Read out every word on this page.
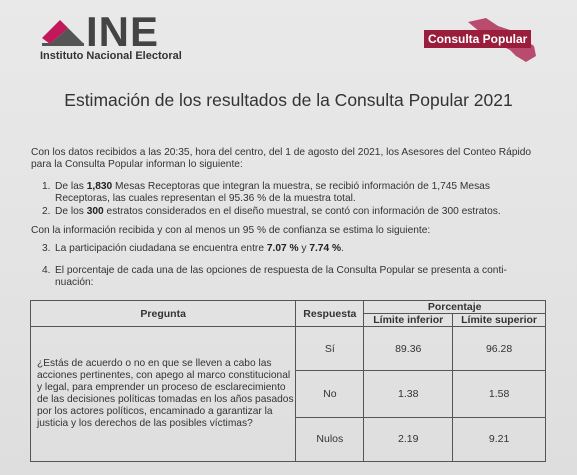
INE
Instituto Nacional Electoral
Consulta Popular
Estimación de los resultados de la Consulta Popular 2021
Con los datos recibidos a las 20:35, hora del centro, del 1 de agosto del 2021, los Asesores del Conteo Rápido para la Consulta Popular informan lo siguiente:
1. De las 1,830 Mesas Receptoras que integran la muestra, se recibió información de 1,745 Mesas Receptoras, las cuales representan el 95.36 % de la muestra total.
2. De los 300 estratos considerados en el diseño muestral, se contó con información de 300 estratos.
Con la información recibida y con al menos un 95 % de confianza se estima lo siguiente:
3. La participación ciudadana se encuentra entre 7.07 % y 7.74 %.
4. El porcentaje de cada una de las opciones de respuesta de la Consulta Popular se presenta a conti- nuación:
Pregunta	Respuesta	Porcentaje	
		Límite inferior	Límite superior
¿Estás de acuerdo o no en que se lleven a cabo las acciones pertinentes, con apego al marco constitucional y legal, para emprender un proceso de esclarecimiento de las decisiones políticas tomadas en los años pasados por los actores políticos, encaminado a garantizar la justicia y los derechos de las posibles víctimas?	Sí	89.36	96.28
	No	1.38	1.58
	Nulos	2.19	9.21
